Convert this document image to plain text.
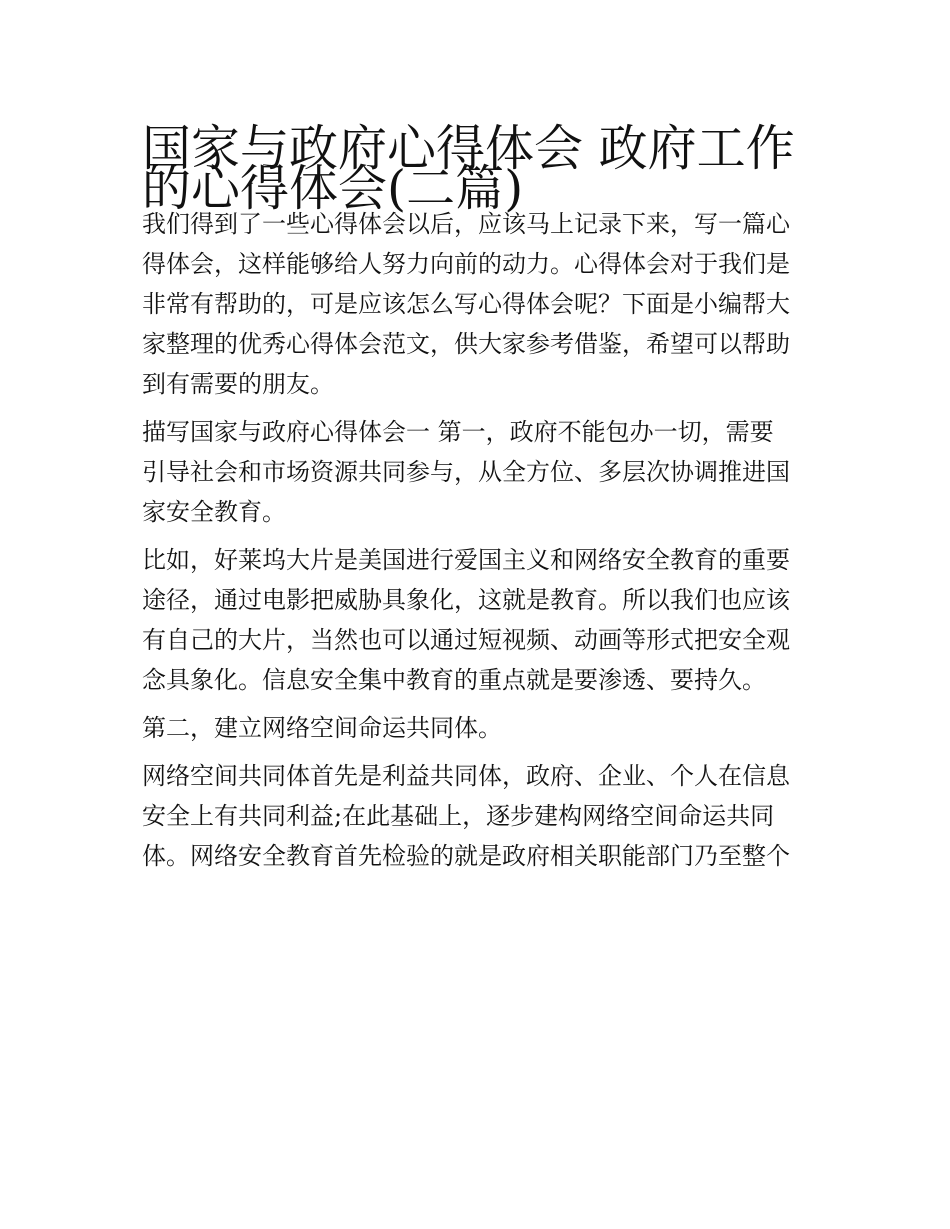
国家与政府心得体会 政府工作
的心得体会(二篇)

我们得到了一些心得体会以后，应该马上记录下来，写一篇心
得体会，这样能够给人努力向前的动力。心得体会对于我们是
非常有帮助的，可是应该怎么写心得体会呢？下面是小编帮大
家整理的优秀心得体会范文，供大家参考借鉴，希望可以帮助
到有需要的朋友。

描写国家与政府心得体会一 第一，政府不能包办一切，需要
引导社会和市场资源共同参与，从全方位、多层次协调推进国
家安全教育。

比如，好莱坞大片是美国进行爱国主义和网络安全教育的重要
途径，通过电影把威胁具象化，这就是教育。所以我们也应该
有自己的大片，当然也可以通过短视频、动画等形式把安全观
念具象化。信息安全集中教育的重点就是要渗透、要持久。

第二，建立网络空间命运共同体。

网络空间共同体首先是利益共同体，政府、企业、个人在信息
安全上有共同利益;在此基础上，逐步建构网络空间命运共同
体。网络安全教育首先检验的就是政府相关职能部门乃至整个
